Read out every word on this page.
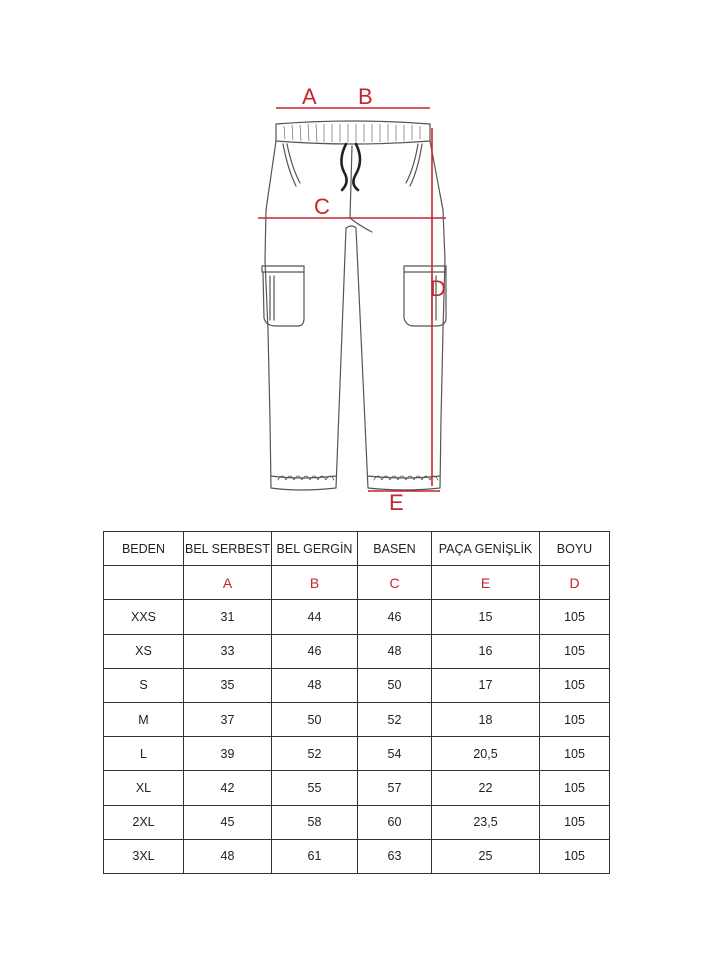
A B
C
D
E
BEDEN	BEL SERBEST	BEL GERGİN	BASEN	PAÇA GENİŞLİK	BOYU
	A	B	C	E	D
XXS	31	44	46	15	105
XS	33	46	48	16	105
S	35	48	50	17	105
M	37	50	52	18	105
L	39	52	54	20,5	105
XL	42	55	57	22	105
2XL	45	58	60	23,5	105
3XL	48	61	63	25	105
